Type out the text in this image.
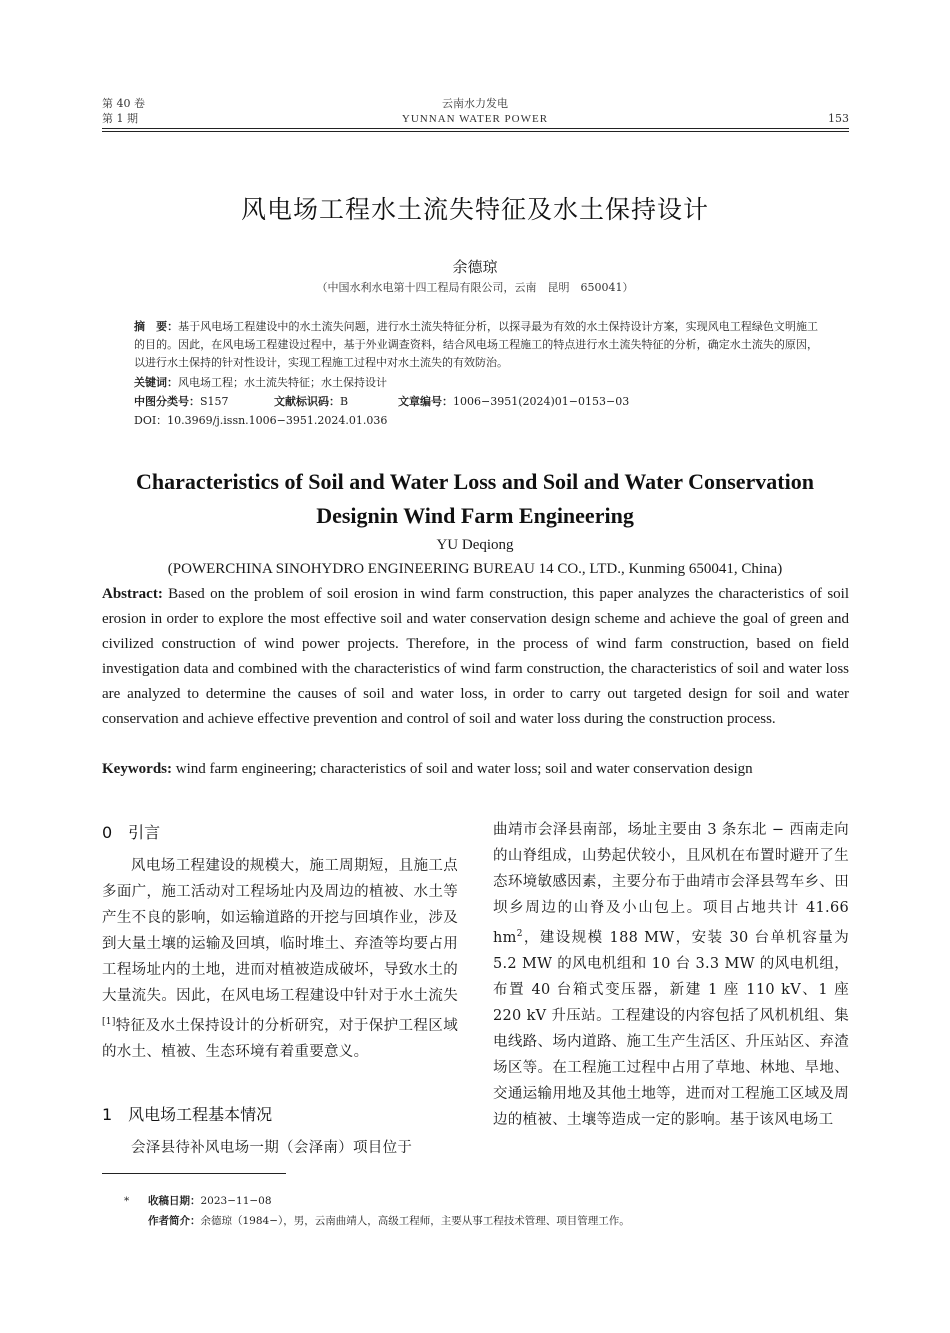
第 40 卷
第 1 期
云南水力发电
YUNNAN WATER POWER	153
风电场工程水土流失特征及水土保持设计
余德琼
（中国水利水电第十四工程局有限公司，云南　昆明　650041）
摘　要：基于风电场工程建设中的水土流失问题，进行水土流失特征分析，以探寻最为有效的水土保持设计方案，实现风电工程绿色文明施工的目的。因此，在风电场工程建设过程中，基于外业调查资料，结合风电场工程施工的特点进行水土流失特征的分析，确定水土流失的原因，以进行水土保持的针对性设计，实现工程施工过程中对水土流失的有效防治。
关键词：风电场工程；水土流失特征；水土保持设计
中图分类号：S157	文献标识码：B	文章编号：1006−3951(2024)01−0153−03
DOI：10.3969/j.issn.1006−3951.2024.01.036
Characteristics of Soil and Water Loss and Soil and Water Conservation Designin Wind Farm Engineering
YU Deqiong
(POWERCHINA SINOHYDRO ENGINEERING BUREAU 14 CO., LTD., Kunming 650041, China)
Abstract: Based on the problem of soil erosion in wind farm construction, this paper analyzes the characteristics of soil erosion in order to explore the most effective soil and water conservation design scheme and achieve the goal of green and civilized construction of wind power projects. Therefore, in the process of wind farm construction, based on field investigation data and combined with the characteristics of wind farm construction, the characteristics of soil and water loss are analyzed to determine the causes of soil and water loss, in order to carry out targeted design for soil and water conservation and achieve effective prevention and control of soil and water loss during the construction process.
Keywords: wind farm engineering; characteristics of soil and water loss; soil and water conservation design
0　引言
风电场工程建设的规模大，施工周期短，且施工点多面广，施工活动对工程场址内及周边的植被、水土等产生不良的影响，如运输道路的开挖与回填作业，涉及到大量土壤的运输及回填，临时堆土、弃渣等均要占用工程场址内的土地，进而对植被造成破坏，导致水土的大量流失。因此，在风电场工程建设中针对于水土流失[1]特征及水土保持设计的分析研究，对于保护工程区域的水土、植被、生态环境有着重要意义。
1　风电场工程基本情况
会泽县待补风电场一期（会泽南）项目位于
曲靖市会泽县南部，场址主要由 3 条东北 − 西南走向的山脊组成，山势起伏较小，且风机在布置时避开了生态环境敏感因素，主要分布于曲靖市会泽县驾车乡、田坝乡周边的山脊及小山包上。项目占地共计 41.66 $hm^2$，建设规模 188 MW，安装 30 台单机容量为 5.2 MW 的风电机组和 10 台 3.3 MW 的风电机组，布置 40 台箱式变压器，新建 1 座 110 kV、1 座 220 kV 升压站。工程建设的内容包括了风机机组、集电线路、场内道路、施工生产生活区、升压站区、弃渣场区等。在工程施工过程中占用了草地、林地、旱地、交通运输用地及其他土地等，进而对工程施工区域及周边的植被、土壤等造成一定的影响。基于该风电场工
* 收稿日期：2023−11−08
作者简介：余德琼（1984−），男，云南曲靖人，高级工程师，主要从事工程技术管理、项目管理工作。
